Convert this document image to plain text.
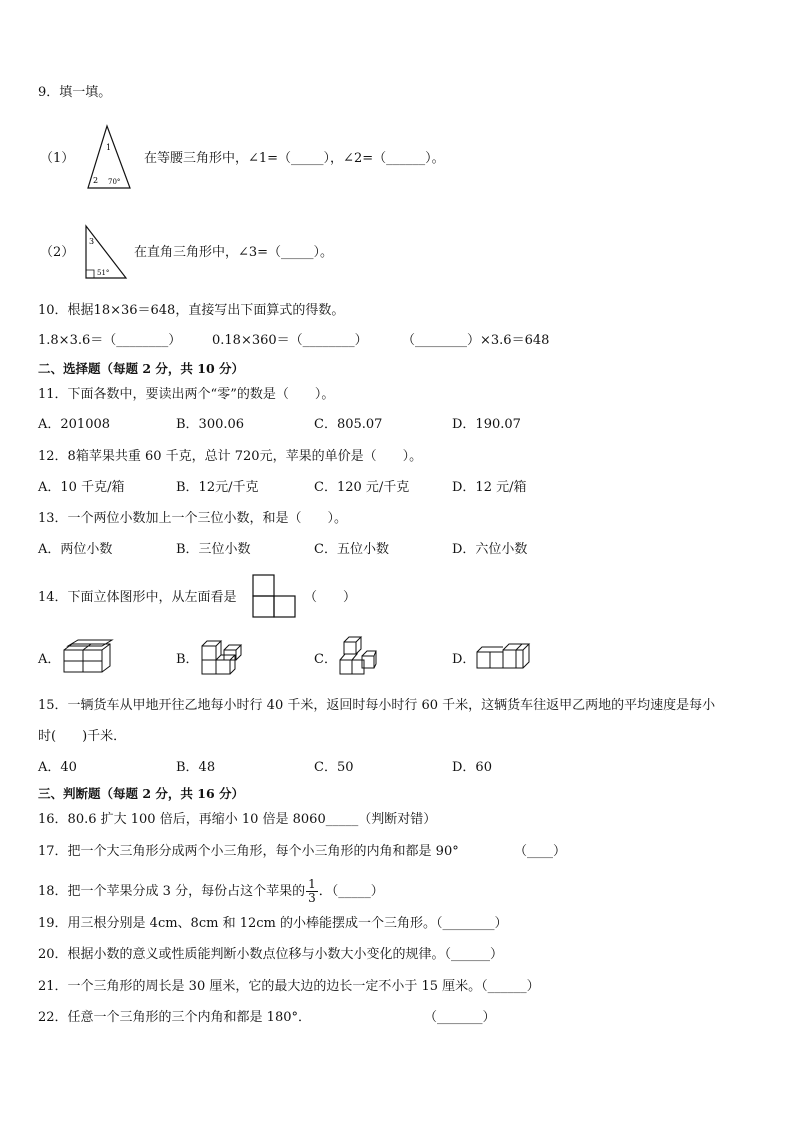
9．填一填。
（1）
1
2 70°
在等腰三角形中，∠1=（_____），∠2=（______）。
（2）
3
51°
在直角三角形中，∠3=（_____）。
10．根据18×36＝648，直接写出下面算式的得数。
1.8×3.6＝（________） 0.18×360＝（________）	（________）×3.6＝648
二、选择题（每题 2 分，共 10 分）
11．下面各数中，要读出两个“零”的数是（　　）。
A．201008	B．300.06	C．805.07	D．190.07
12．8箱苹果共重 60 千克，总计 720元，苹果的单价是（　　）。
A．10 千克/箱	B．12元/千克	C．120 元/千克	D．12 元/箱
13．一个两位小数加上一个三位小数，和是（　　）。
A．两位小数	B．三位小数	C．五位小数	D．六位小数
14．下面立体图形中，从左面看是	（　　）
A．	B．	C．	D．
15．一辆货车从甲地开往乙地每小时行 40 千米，返回时每小时行 60 千米，这辆货车往返甲乙两地的平均速度是每小
时(　　)千米．
A．40	B．48	C．50	D．60
三、判断题（每题 2 分，共 16 分）
16．80.6 扩大 100 倍后，再缩小 10 倍是 8060_____（判断对错）
17．把一个大三角形分成两个小三角形，每个小三角形的内角和都是 90°	（____）
18．把一个苹果分成 3 分，每份占这个苹果的 $\frac{1}{3}$ ．（_____）
19．用三根分别是 4cm、8cm 和 12cm 的小棒能摆成一个三角形。（________）
20．根据小数的意义或性质能判断小数点位移与小数大小变化的规律。（______）
21．一个三角形的周长是 30 厘米，它的最大边的边长一定不小于 15 厘米。（______）
22．任意一个三角形的三个内角和都是 180°．	（_______）
